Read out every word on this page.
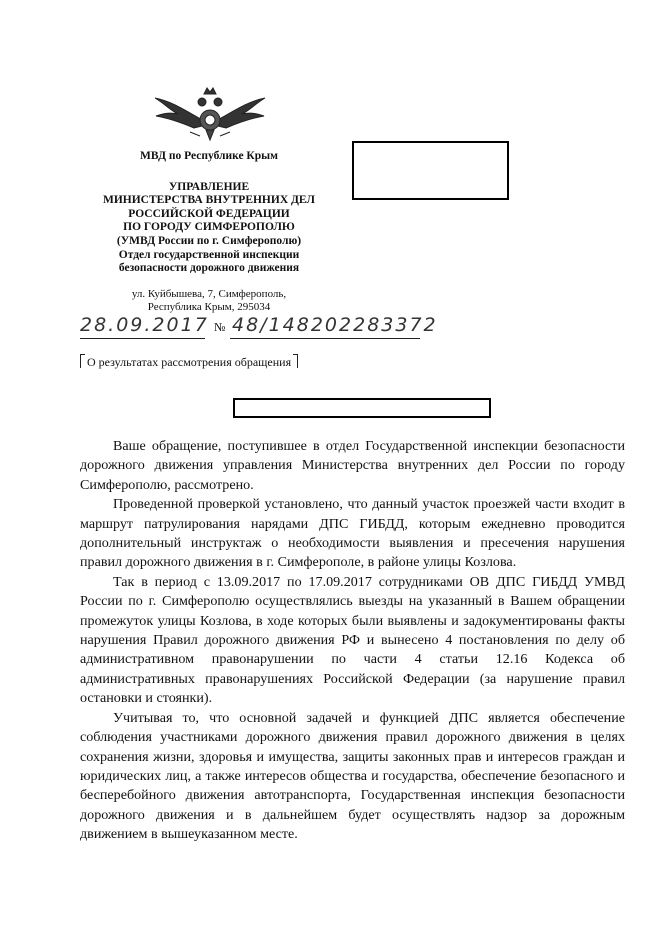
МВД по Республике Крым
УПРАВЛЕНИЕ
МИНИСТЕРСТВА ВНУТРЕННИХ ДЕЛ
РОССИЙСКОЙ ФЕДЕРАЦИИ
ПО ГОРОДУ СИМФЕРОПОЛЮ
(УМВД России по г. Симферополю)
Отдел государственной инспекции
безопасности дорожного движения
ул. Куйбышева, 7, Симферополь,
Республика Крым, 295034
28.09.2017 № 48/148202283372
О результатах рассмотрения обращения

Ваше обращение, поступившее в отдел Государственной инспекции безопасности дорожного движения управления Министерства внутренних дел России по городу Симферополю, рассмотрено.

Проведенной проверкой установлено, что данный участок проезжей части входит в маршрут патрулирования нарядами ДПС ГИБДД, которым ежедневно проводится дополнительный инструктаж о необходимости выявления и пресечения нарушения правил дорожного движения в г. Симферополе, в районе улицы Козлова.

Так в период с 13.09.2017 по 17.09.2017 сотрудниками ОВ ДПС ГИБДД УМВД России по г. Симферополю осуществлялись выезды на указанный в Вашем обращении промежуток улицы Козлова, в ходе которых были выявлены и задокументированы факты нарушения Правил дорожного движения РФ и вынесено 4 постановления по делу об административном правонарушении по части 4 статьи 12.16 Кодекса об административных правонарушениях Российской Федерации (за нарушение правил остановки и стоянки).

Учитывая то, что основной задачей и функцией ДПС является обеспечение соблюдения участниками дорожного движения правил дорожного движения в целях сохранения жизни, здоровья и имущества, защиты законных прав и интересов граждан и юридических лиц, а также интересов общества и государства, обеспечение безопасного и бесперебойного движения автотранспорта, Государственная инспекция безопасности дорожного движения и в дальнейшем будет осуществлять надзор за дорожным движением в вышеуказанном месте.
